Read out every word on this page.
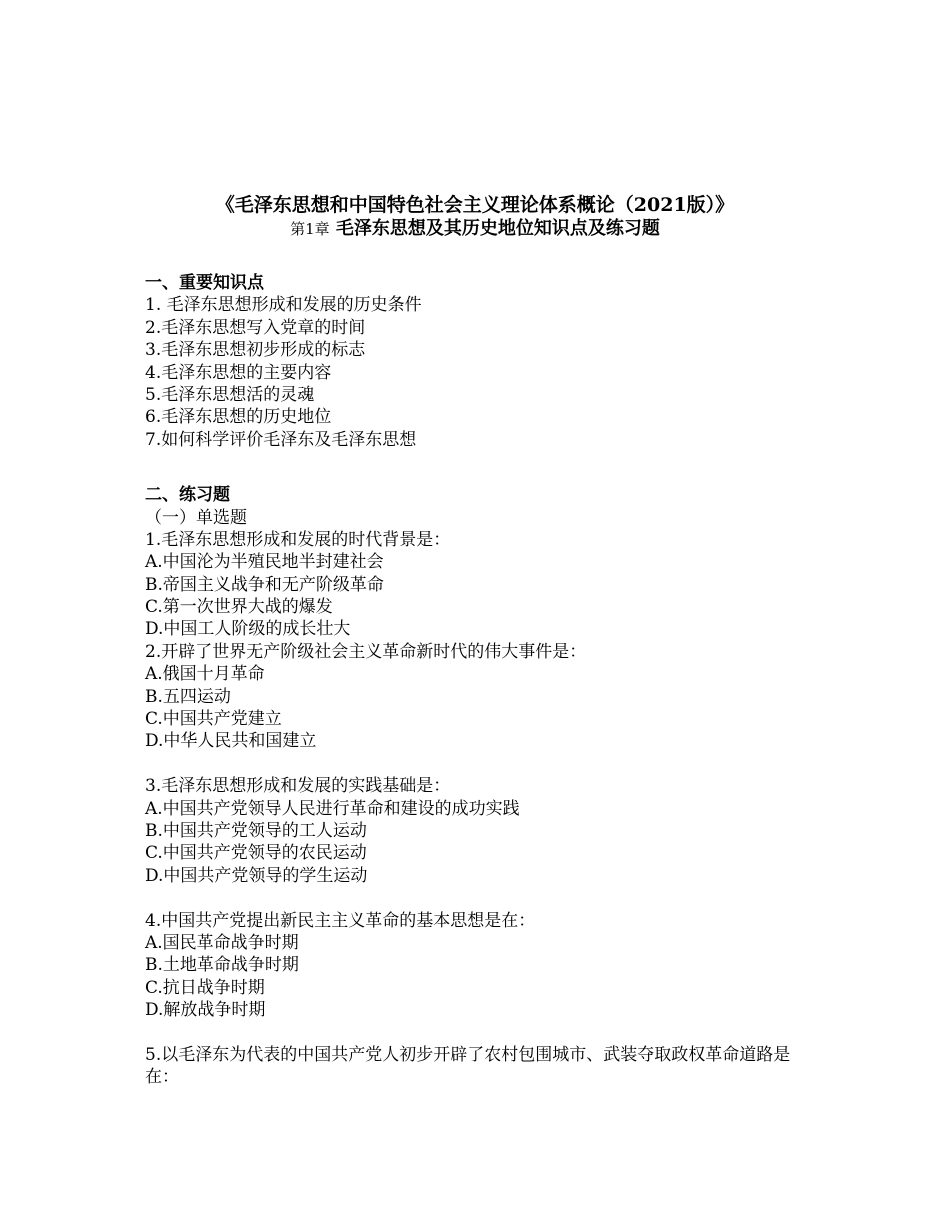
《毛泽东思想和中国特色社会主义理论体系概论（2021版）》
第1章 毛泽东思想及其历史地位知识点及练习题
一、重要知识点
1. 毛泽东思想形成和发展的历史条件
2.毛泽东思想写入党章的时间
3.毛泽东思想初步形成的标志
4.毛泽东思想的主要内容
5.毛泽东思想活的灵魂
6.毛泽东思想的历史地位
7.如何科学评价毛泽东及毛泽东思想
二、练习题
（一）单选题
1.毛泽东思想形成和发展的时代背景是：
A.中国沦为半殖民地半封建社会
B.帝国主义战争和无产阶级革命
C.第一次世界大战的爆发
D.中国工人阶级的成长壮大
2.开辟了世界无产阶级社会主义革命新时代的伟大事件是：
A.俄国十月革命
B.五四运动
C.中国共产党建立
D.中华人民共和国建立
3.毛泽东思想形成和发展的实践基础是：
A.中国共产党领导人民进行革命和建设的成功实践
B.中国共产党领导的工人运动
C.中国共产党领导的农民运动
D.中国共产党领导的学生运动
4.中国共产党提出新民主主义革命的基本思想是在：
A.国民革命战争时期
B.土地革命战争时期
C.抗日战争时期
D.解放战争时期
5.以毛泽东为代表的中国共产党人初步开辟了农村包围城市、武装夺取政权革命道路是在：
